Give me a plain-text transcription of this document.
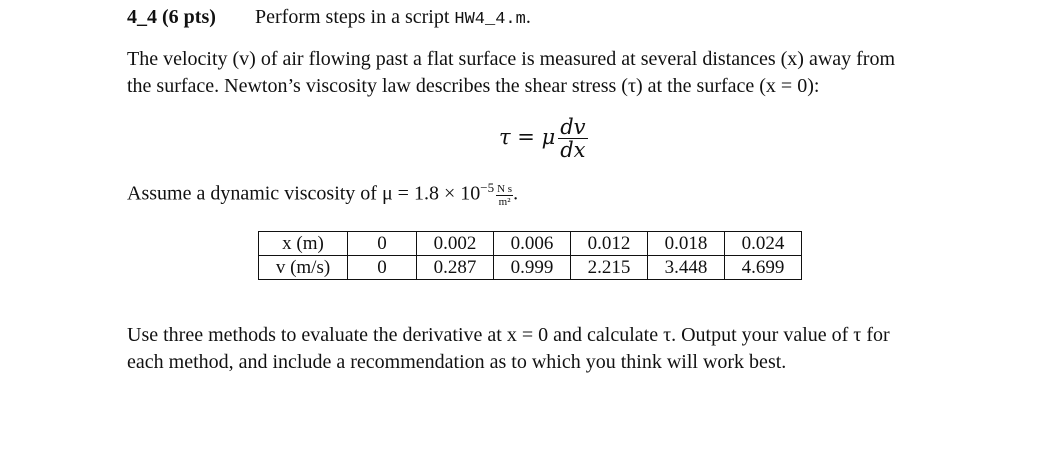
4_4 (6 pts) Perform steps in a script HW4_4.m.
The velocity (v) of air flowing past a flat surface is measured at several distances (x) away from
the surface. Newton’s viscosity law describes the shear stress (τ) at the surface (x = 0):
τ = μ $\frac{dv}{dx}$
Assume a dynamic viscosity of $\mu = 1.8 \times 10^{-5} \frac{\text{N s}}{\text{m²}}$ .
x (m)	0	0.002	0.006	0.012	0.018	0.024
v (m/s)	0	0.287	0.999	2.215	3.448	4.699
Use three methods to evaluate the derivative at x = 0 and calculate τ. Output your value of τ for
each method, and include a recommendation as to which you think will work best.
